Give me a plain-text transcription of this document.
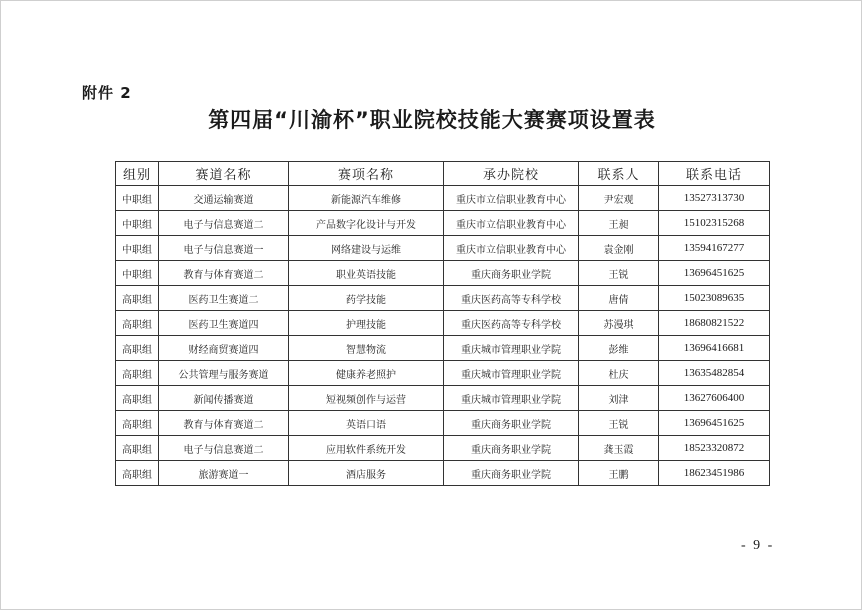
附件 2
第四届“川渝杯”职业院校技能大赛赛项设置表
组别	赛道名称	赛项名称	承办院校	联系人	联系电话
中职组	交通运输赛道	新能源汽车维修	重庆市立信职业教育中心	尹宏观	13527313730
中职组	电子与信息赛道二	产品数字化设计与开发	重庆市立信职业教育中心	王昶	15102315268
中职组	电子与信息赛道一	网络建设与运维	重庆市立信职业教育中心	袁金刚	13594167277
中职组	教育与体育赛道二	职业英语技能	重庆商务职业学院	王锐	13696451625
高职组	医药卫生赛道二	药学技能	重庆医药高等专科学校	唐倩	15023089635
高职组	医药卫生赛道四	护理技能	重庆医药高等专科学校	苏漫琪	18680821522
高职组	财经商贸赛道四	智慧物流	重庆城市管理职业学院	彭维	13696416681
高职组	公共管理与服务赛道	健康养老照护	重庆城市管理职业学院	杜庆	13635482854
高职组	新闻传播赛道	短视频创作与运营	重庆城市管理职业学院	刘津	13627606400
高职组	教育与体育赛道二	英语口语	重庆商务职业学院	王锐	13696451625
高职组	电子与信息赛道二	应用软件系统开发	重庆商务职业学院	龚玉霞	18523320872
高职组	旅游赛道一	酒店服务	重庆商务职业学院	王鹏	18623451986
- 9 -
